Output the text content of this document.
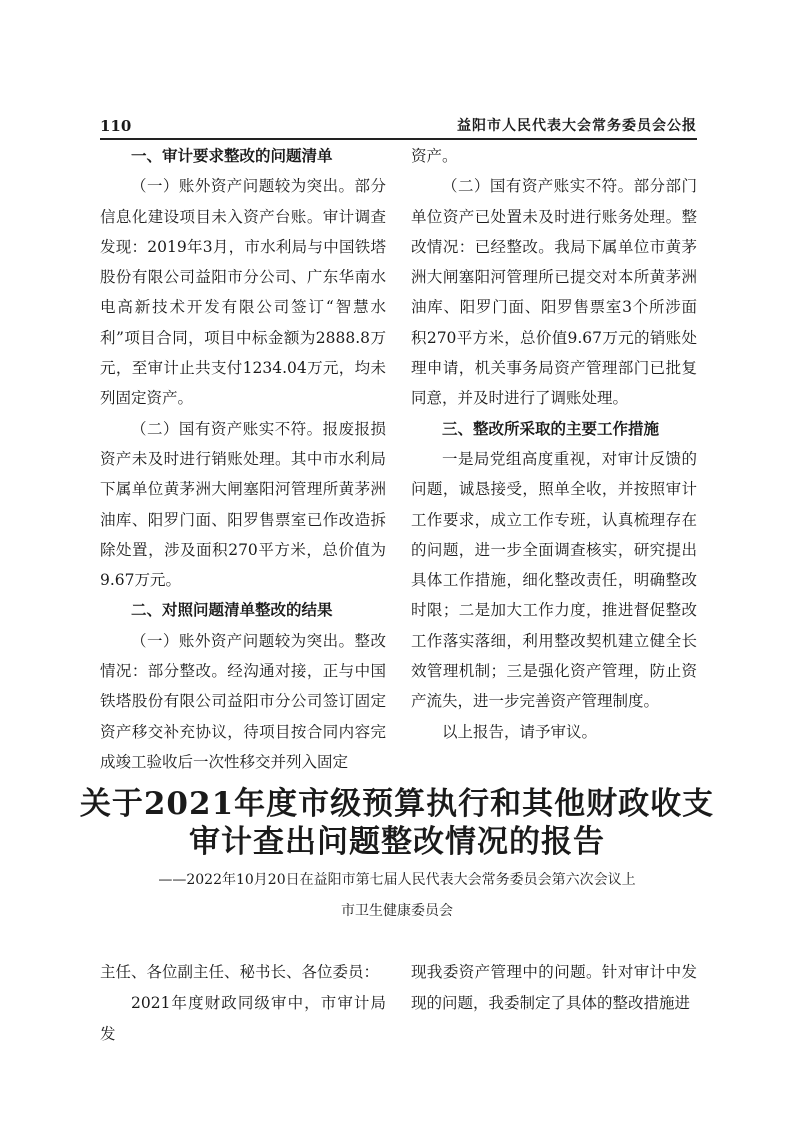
110	益阳市人民代表大会常务委员会公报
一、审计要求整改的问题清单

（一）账外资产问题较为突出。部分信息化建设项目未入资产台账。审计调查发现：2019年3月，市水利局与中国铁塔股份有限公司益阳市分公司、广东华南水电高新技术开发有限公司签订“智慧水利”项目合同，项目中标金额为2888.8万元，至审计止共支付1234.04万元，均未列固定资产。

（二）国有资产账实不符。报废报损资产未及时进行销账处理。其中市水利局下属单位黄茅洲大闸塞阳河管理所黄茅洲油库、阳罗门面、阳罗售票室已作改造拆除处置，涉及面积270平方米，总价值为9.67万元。

二、对照问题清单整改的结果

（一）账外资产问题较为突出。整改情况：部分整改。经沟通对接，正与中国铁塔股份有限公司益阳市分公司签订固定资产移交补充协议，待项目按合同内容完成竣工验收后一次性移交并列入固定

资产。

（二）国有资产账实不符。部分部门单位资产已处置未及时进行账务处理。整改情况：已经整改。我局下属单位市黄茅洲大闸塞阳河管理所已提交对本所黄茅洲油库、阳罗门面、阳罗售票室3个所涉面积270平方米，总价值9.67万元的销账处理申请，机关事务局资产管理部门已批复同意，并及时进行了调账处理。

三、整改所采取的主要工作措施

一是局党组高度重视，对审计反馈的问题，诚恳接受，照单全收，并按照审计工作要求，成立工作专班，认真梳理存在的问题，进一步全面调查核实，研究提出具体工作措施，细化整改责任，明确整改时限；二是加大工作力度，推进督促整改工作落实落细，利用整改契机建立健全长效管理机制；三是强化资产管理，防止资产流失，进一步完善资产管理制度。

以上报告，请予审议。

关于2021年度市级预算执行和其他财政收支
审计查出问题整改情况的报告
——2022年10月20日在益阳市第七届人民代表大会常务委员会第六次会议上
市卫生健康委员会

主任、各位副主任、秘书长、各位委员：

2021年度财政同级审中，市审计局发

现我委资产管理中的问题。针对审计中发现的问题，我委制定了具体的整改措施进
